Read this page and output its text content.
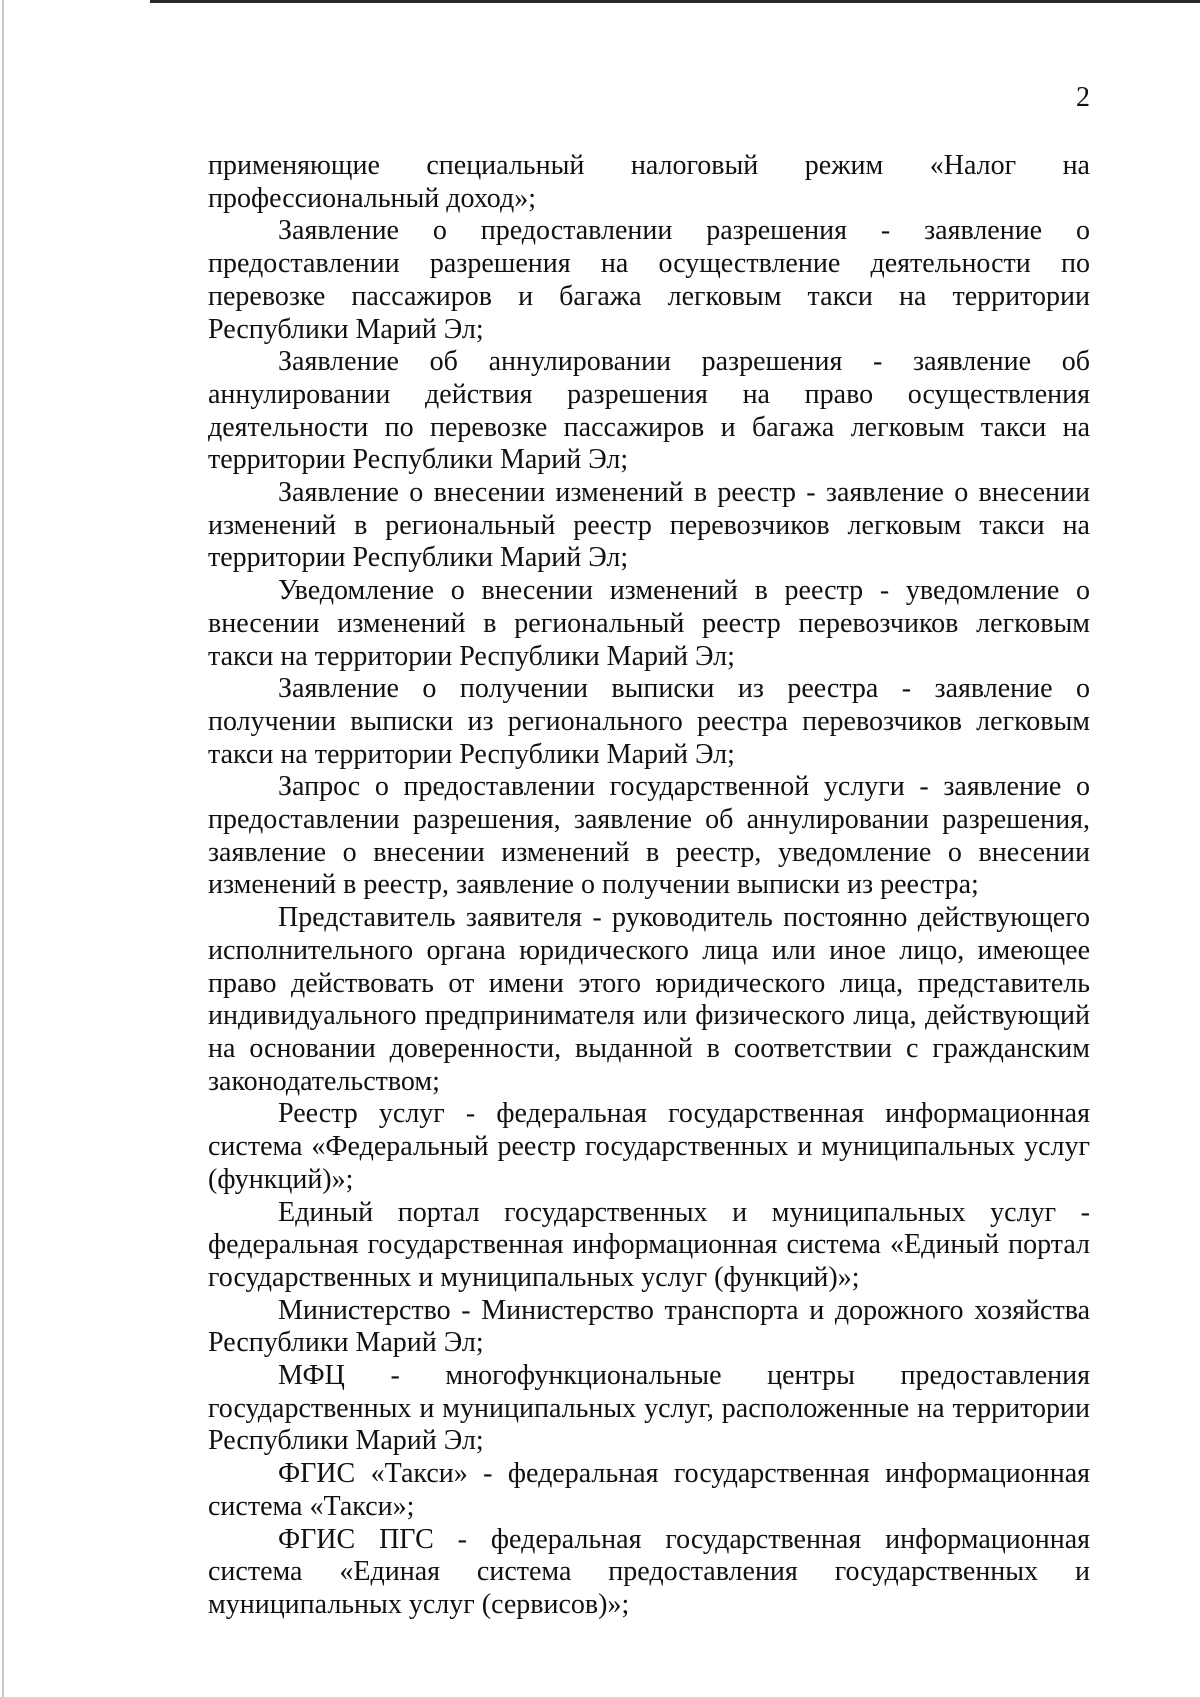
2

применяющие специальный налоговый режим «Налог на профессиональный доход»;

Заявление о предоставлении разрешения - заявление о предоставлении разрешения на осуществление деятельности по перевозке пассажиров и багажа легковым такси на территории Республики Марий Эл;

Заявление об аннулировании разрешения - заявление об аннулировании действия разрешения на право осуществления деятельности по перевозке пассажиров и багажа легковым такси на территории Республики Марий Эл;

Заявление о внесении изменений в реестр - заявление о внесении изменений в региональный реестр перевозчиков легковым такси на территории Республики Марий Эл;

Уведомление о внесении изменений в реестр - уведомление о внесении изменений в региональный реестр перевозчиков легковым такси на территории Республики Марий Эл;

Заявление о получении выписки из реестра - заявление о получении выписки из регионального реестра перевозчиков легковым такси на территории Республики Марий Эл;

Запрос о предоставлении государственной услуги - заявление о предоставлении разрешения, заявление об аннулировании разрешения, заявление о внесении изменений в реестр, уведомление о внесении изменений в реестр, заявление о получении выписки из реестра;

Представитель заявителя - руководитель постоянно действующего исполнительного органа юридического лица или иное лицо, имеющее право действовать от имени этого юридического лица, представитель индивидуального предпринимателя или физического лица, действующий на основании доверенности, выданной в соответствии с гражданским законодательством;

Реестр услуг - федеральная государственная информационная система «Федеральный реестр государственных и муниципальных услуг (функций)»;

Единый портал государственных и муниципальных услуг - федеральная государственная информационная система «Единый портал государственных и муниципальных услуг (функций)»;

Министерство - Министерство транспорта и дорожного хозяйства Республики Марий Эл;

МФЦ - многофункциональные центры предоставления государственных и муниципальных услуг, расположенные на территории Республики Марий Эл;

ФГИС «Такси» - федеральная государственная информационная система «Такси»;

ФГИС ПГС - федеральная государственная информационная система «Единая система предоставления государственных и муниципальных услуг (сервисов)»;
